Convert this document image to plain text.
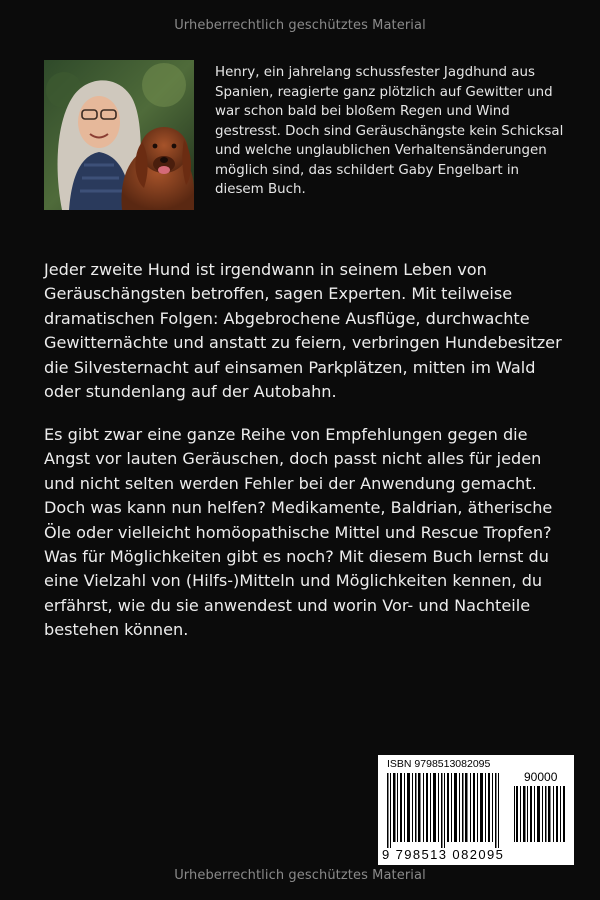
Urheberrechtlich geschütztes Material
Henry, ein jahrelang schussfester Jagdhund aus Spanien, reagierte ganz plötzlich auf Gewitter und war schon bald bei bloßem Regen und Wind gestresst. Doch sind Geräuschängste kein Schicksal und welche unglaublichen Verhaltensänderungen möglich sind, das schildert Gaby Engelbart in diesem Buch.
Jeder zweite Hund ist irgendwann in seinem Leben von Geräuschängsten betroffen, sagen Experten. Mit teilweise dramatischen Folgen: Abgebrochene Ausflüge, durchwachte Gewitternächte und anstatt zu feiern, verbringen Hundebesitzer die Silvesternacht auf einsamen Parkplätzen, mitten im Wald oder stundenlang auf der Autobahn.
Es gibt zwar eine ganze Reihe von Empfehlungen gegen die Angst vor lauten Geräuschen, doch passt nicht alles für jeden und nicht selten werden Fehler bei der Anwendung gemacht. Doch was kann nun helfen? Medikamente, Baldrian, ätherische Öle oder vielleicht homöopathische Mittel und Rescue Tropfen? Was für Möglichkeiten gibt es noch? Mit diesem Buch lernst du eine Vielzahl von (Hilfs-)Mitteln und Möglichkeiten kennen, du erfährst, wie du sie anwendest und worin Vor- und Nachteile bestehen können.
ISBN 9798513082095
90000
9 798513 082095
Urheberrechtlich geschütztes Material
